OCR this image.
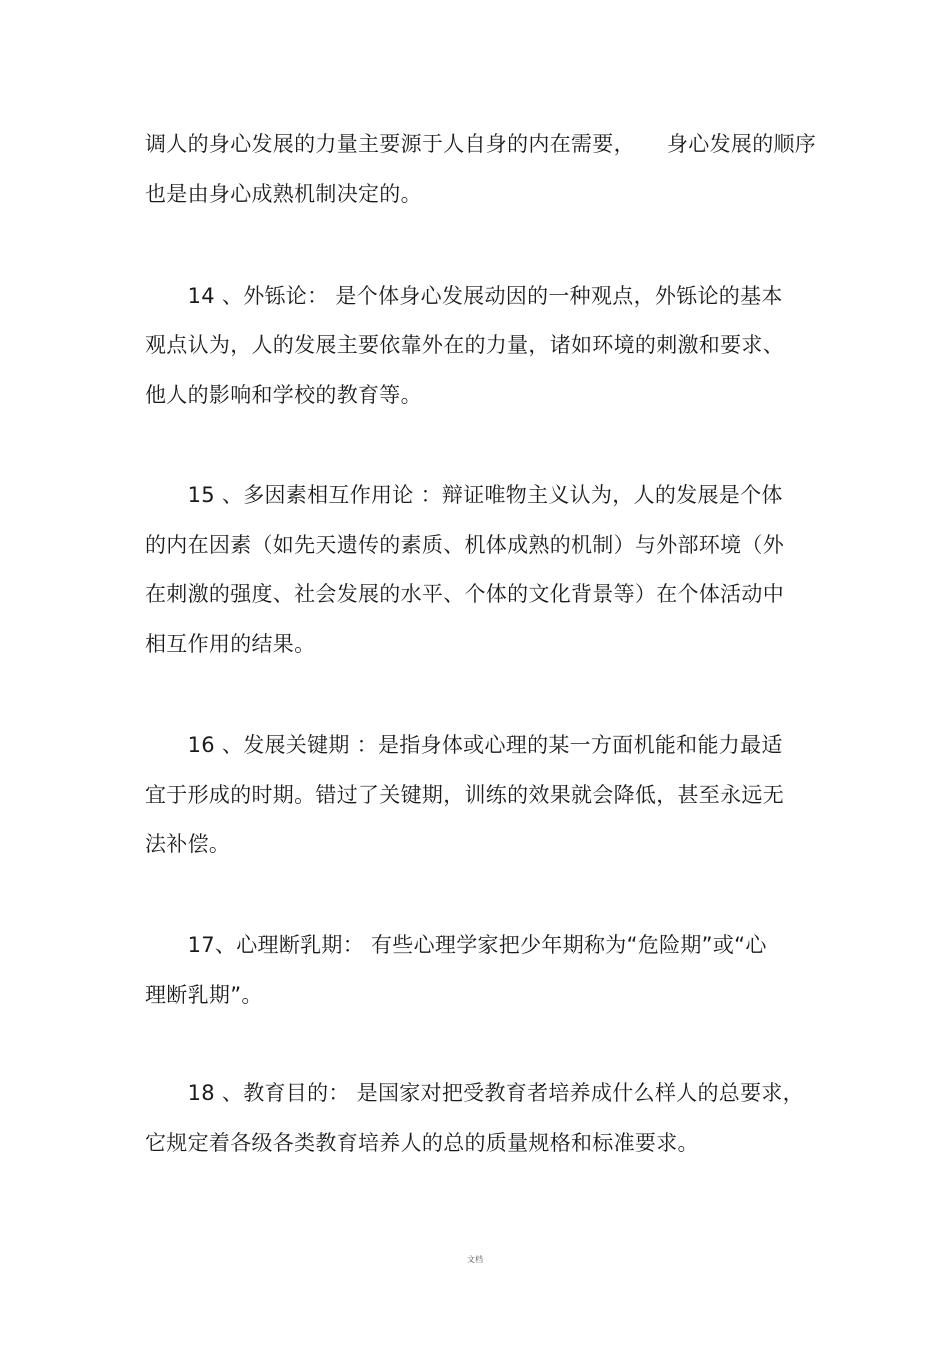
调人的身心发展的力量主要源于人自身的内在需要，　　身心发展的顺序
也是由身心成熟机制决定的。
　　14 、外铄论： 是个体身心发展动因的一种观点，外铄论的基本
观点认为，人的发展主要依靠外在的力量，诸如环境的刺激和要求、
他人的影响和学校的教育等。
　　15 、多因素相互作用论 ：辩证唯物主义认为，人的发展是个体
的内在因素（如先天遗传的素质、机体成熟的机制）与外部环境（外
在刺激的强度、社会发展的水平、个体的文化背景等）在个体活动中
相互作用的结果。
　　16 、发展关键期 ：是指身体或心理的某一方面机能和能力最适
宜于形成的时期。错过了关键期，训练的效果就会降低，甚至永远无
法补偿。
　　17、心理断乳期： 有些心理学家把少年期称为“危险期”或“心
理断乳期”。
　　18 、教育目的： 是国家对把受教育者培养成什么样人的总要求，
它规定着各级各类教育培养人的总的质量规格和标准要求。
文档
